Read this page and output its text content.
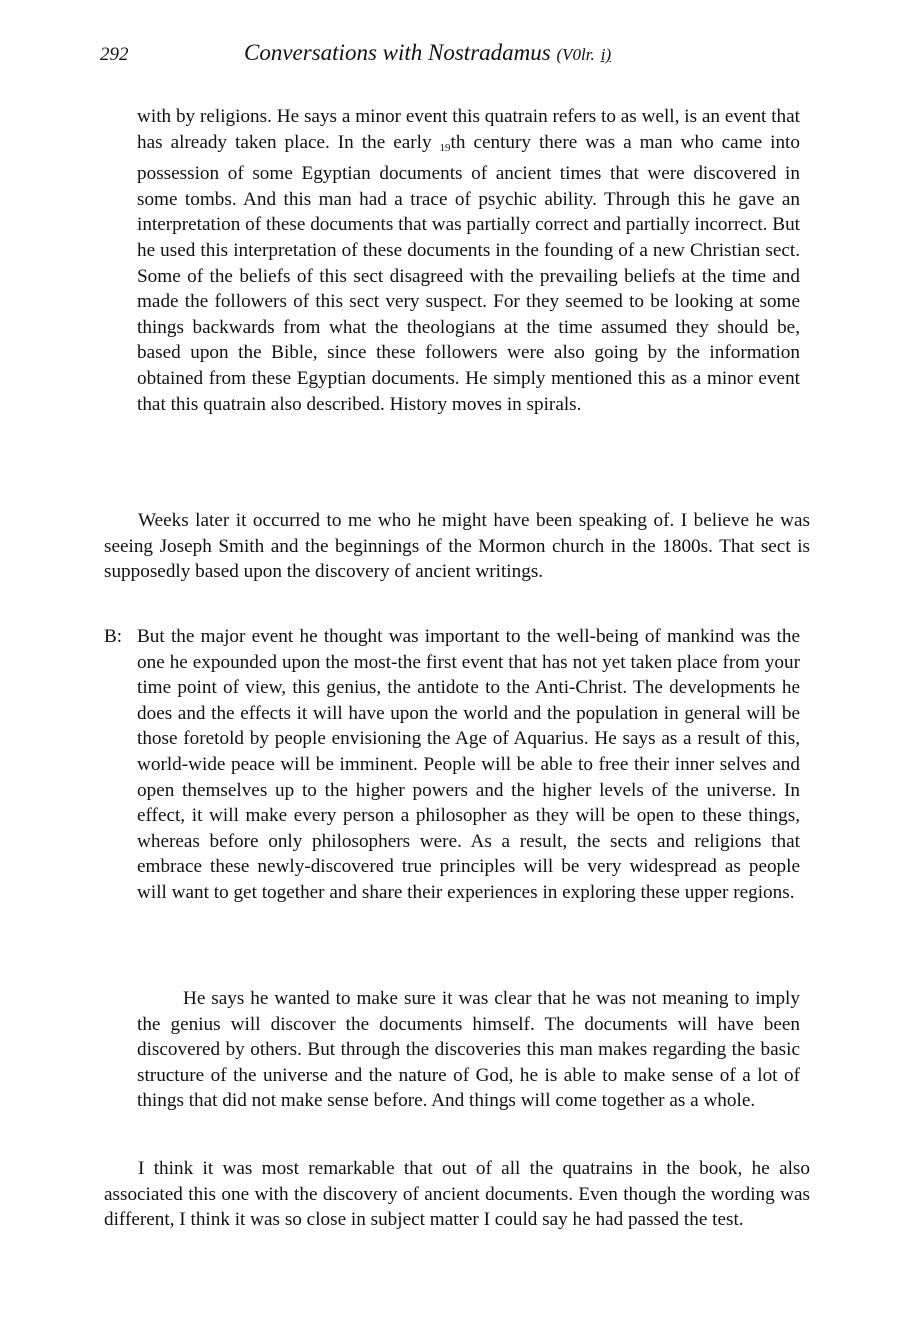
292	Conversations with Nostradamus (V0lr. i)

with by religions. He says a minor event this quatrain refers to as well, is an event that has already taken place. In the early $_{19}$th century there was a man who came into possession of some Egyptian documents of ancient times that were discovered in some tombs. And this man had a trace of psychic ability. Through this he gave an interpretation of these documents that was partially correct and partially incorrect. But he used this interpretation of these documents in the founding of a new Christian sect. Some of the beliefs of this sect disagreed with the prevailing beliefs at the time and made the followers of this sect very suspect. For they seemed to be looking at some things backwards from what the theologians at the time assumed they should be, based upon the Bible, since these followers were also going by the information obtained from these Egyptian documents. He simply mentioned this as a minor event that this quatrain also described. History moves in spirals.

Weeks later it occurred to me who he might have been speaking of. I believe he was seeing Joseph Smith and the beginnings of the Mormon church in the 1800s. That sect is supposedly based upon the discovery of ancient writings.

B: But the major event he thought was important to the well-being of mankind was the one he expounded upon the most-the first event that has not yet taken place from your time point of view, this genius, the antidote to the Anti-Christ. The developments he does and the effects it will have upon the world and the population in general will be those foretold by people envisioning the Age of Aquarius. He says as a result of this, world-wide peace will be imminent. People will be able to free their inner selves and open themselves up to the higher powers and the higher levels of the universe. In effect, it will make every person a philosopher as they will be open to these things, whereas before only philosophers were. As a result, the sects and religions that embrace these newly-discovered true principles will be very widespread as people will want to get together and share their experiences in exploring these upper regions.

He says he wanted to make sure it was clear that he was not meaning to imply the genius will discover the documents himself. The documents will have been discovered by others. But through the discoveries this man makes regarding the basic structure of the universe and the nature of God, he is able to make sense of a lot of things that did not make sense before. And things will come together as a whole.

I think it was most remarkable that out of all the quatrains in the book, he also associated this one with the discovery of ancient documents. Even though the wording was different, I think it was so close in subject matter I could say he had passed the test.
